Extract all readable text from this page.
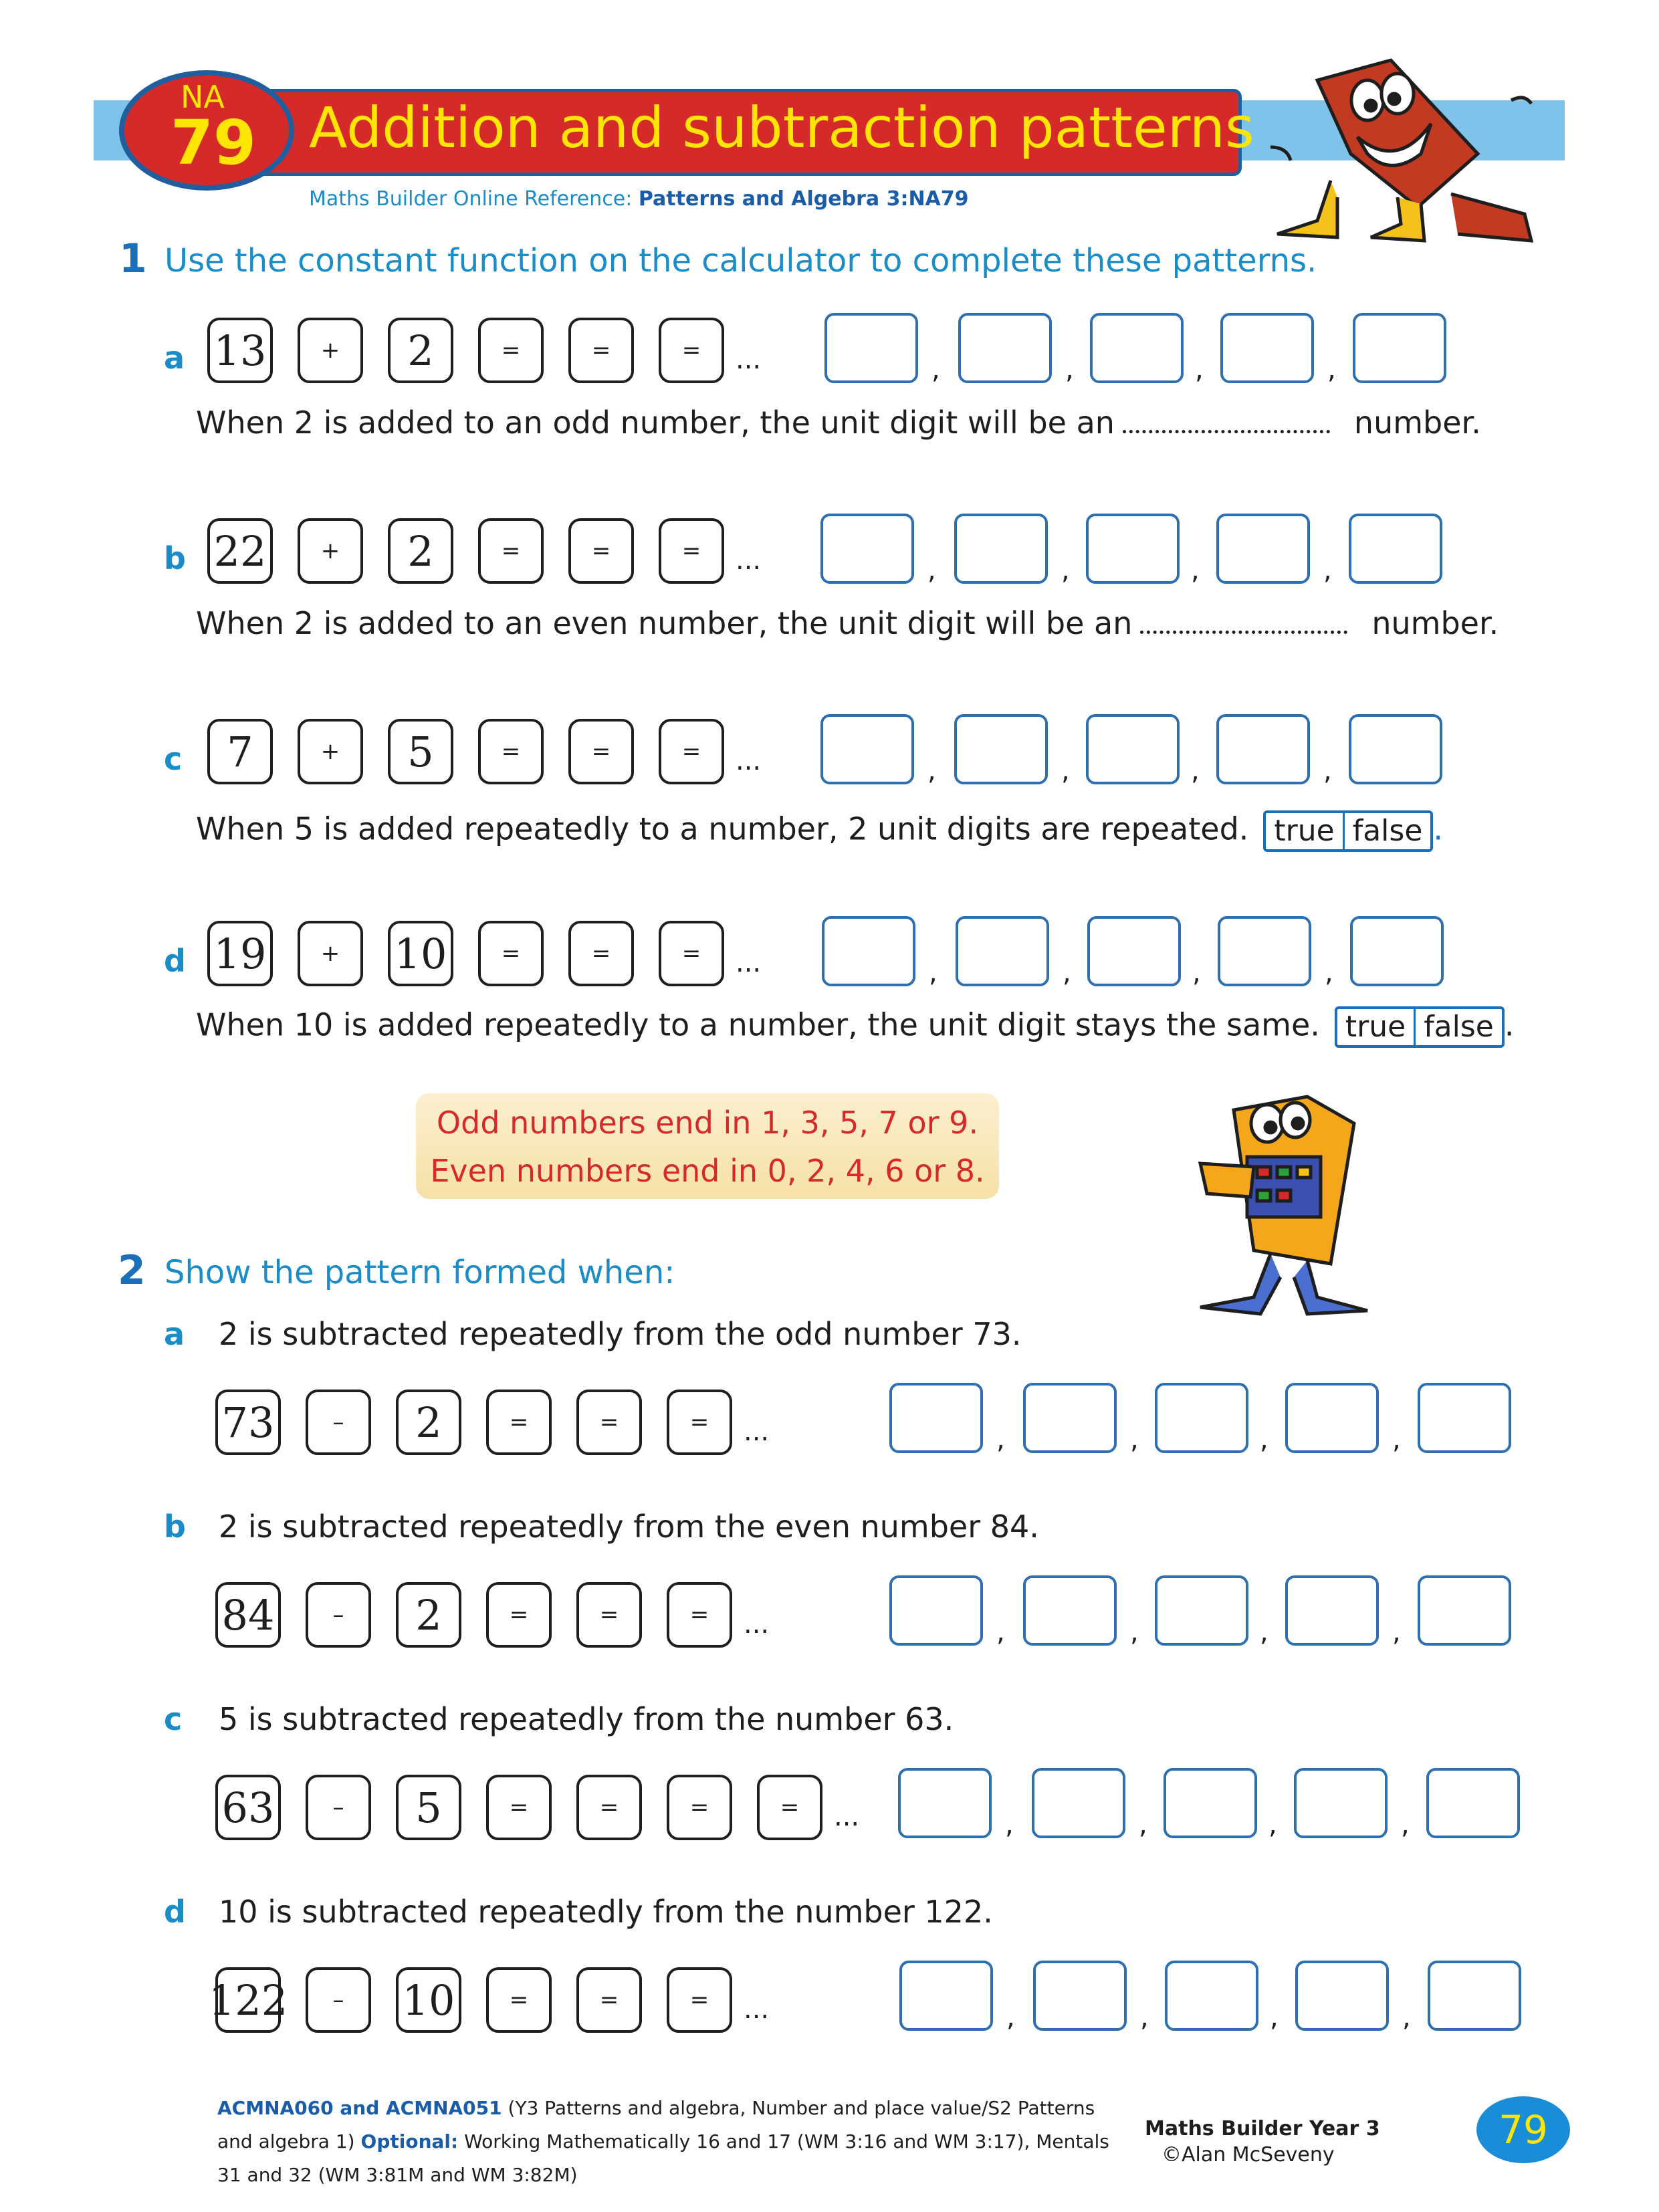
Addition and subtraction patterns
NA
79
Maths Builder Online Reference: Patterns and Algebra 3:NA79
1 Use the constant function on the calculator to complete these patterns.
a 13	+	2	=	=	=	...	,	,	,	,
When 2 is added to an odd number, the unit digit will be an	number.
b 22	+	2	=	=	=	...	,	,	,	,
When 2 is added to an even number, the unit digit will be an	number.
c	7	+	5	=	=	=	...	,	,	,	,
When 5 is added repeatedly to a number, 2 unit digits are repeated. true false .
d 19	+	10	=	=	=	...	,	,	,	,
When 10 is added repeatedly to a number, the unit digit stays the same. true false .
Odd numbers end in 1, 3, 5, 7 or 9.
Even numbers end in 0, 2, 4, 6 or 8.
2 Show the pattern formed when:
a 2 is subtracted repeatedly from the odd number 73.
73	–	2	=	=	=	...	,	,	,	,
b 2 is subtracted repeatedly from the even number 84.
84	–	2	=	=	=	...	,	,	,	,
c 5 is subtracted repeatedly from the number 63.
63	–	5	=	=	=	=	...	,	,	,	,
d 10 is subtracted repeatedly from the number 122.
122	–	10	=	=	=	...	,	,	,	,
ACMNA060 and ACMNA051 (Y3 Patterns and algebra, Number and place value/S2 Patterns and algebra 1) Optional: Working Mathematically 16 and 17 (WM 3:16 and WM 3:17), Mentals 31 and 32 (WM 3:81M and WM 3:82M)
Maths Builder Year 3
©Alan McSeveny
79
